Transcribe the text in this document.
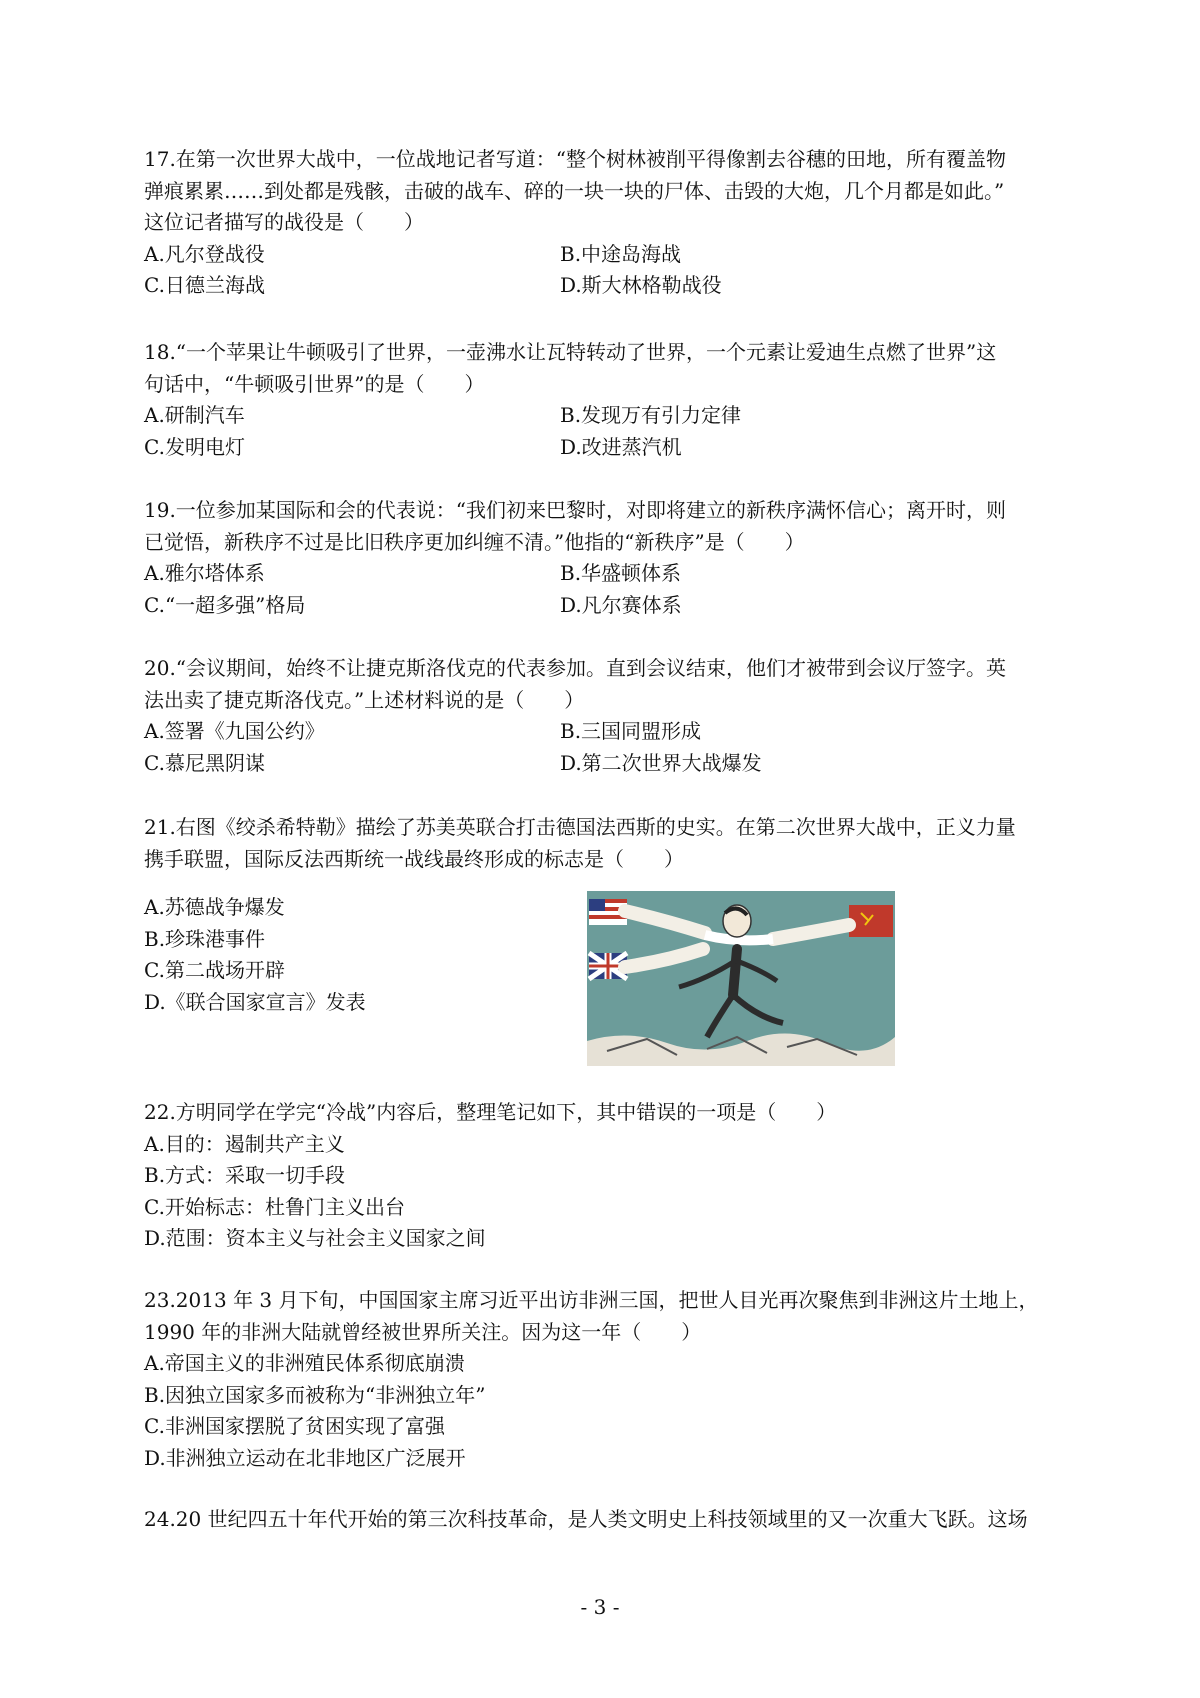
17.在第一次世界大战中，一位战地记者写道：“整个树林被削平得像割去谷穗的田地，所有覆盖物

弹痕累累……到处都是残骸，击破的战车、碎的一块一块的尸体、击毁的大炮，几个月都是如此。”

这位记者描写的战役是（　　）

A.凡尔登战役	B.中途岛海战
C.日德兰海战	D.斯大林格勒战役

18.“一个苹果让牛顿吸引了世界，一壶沸水让瓦特转动了世界，一个元素让爱迪生点燃了世界”这

句话中，“牛顿吸引世界”的是（　　）

A.研制汽车	B.发现万有引力定律
C.发明电灯	D.改进蒸汽机

19.一位参加某国际和会的代表说：“我们初来巴黎时，对即将建立的新秩序满怀信心；离开时，则

已觉悟，新秩序不过是比旧秩序更加纠缠不清。”他指的“新秩序”是（　　）

A.雅尔塔体系	B.华盛顿体系
C.“一超多强”格局	D.凡尔赛体系

20.“会议期间，始终不让捷克斯洛伐克的代表参加。直到会议结束，他们才被带到会议厅签字。英

法出卖了捷克斯洛伐克。”上述材料说的是（　　）

A.签署《九国公约》	B.三国同盟形成
C.慕尼黑阴谋	D.第二次世界大战爆发

21.右图《绞杀希特勒》描绘了苏美英联合打击德国法西斯的史实。在第二次世界大战中，正义力量

携手联盟，国际反法西斯统一战线最终形成的标志是（　　）

A.苏德战争爆发
B.珍珠港事件
C.第二战场开辟
D.《联合国家宣言》发表

22.方明同学在学完“冷战”内容后，整理笔记如下，其中错误的一项是（　　）

A.目的：遏制共产主义
B.方式：采取一切手段
C.开始标志：杜鲁门主义出台
D.范围：资本主义与社会主义国家之间

23.2013 年 3 月下旬，中国国家主席习近平出访非洲三国，把世人目光再次聚焦到非洲这片土地上，

1990 年的非洲大陆就曾经被世界所关注。因为这一年（　　）

A.帝国主义的非洲殖民体系彻底崩溃
B.因独立国家多而被称为“非洲独立年”
C.非洲国家摆脱了贫困实现了富强
D.非洲独立运动在北非地区广泛展开

24.20 世纪四五十年代开始的第三次科技革命，是人类文明史上科技领域里的又一次重大飞跃。这场

- 3 -
